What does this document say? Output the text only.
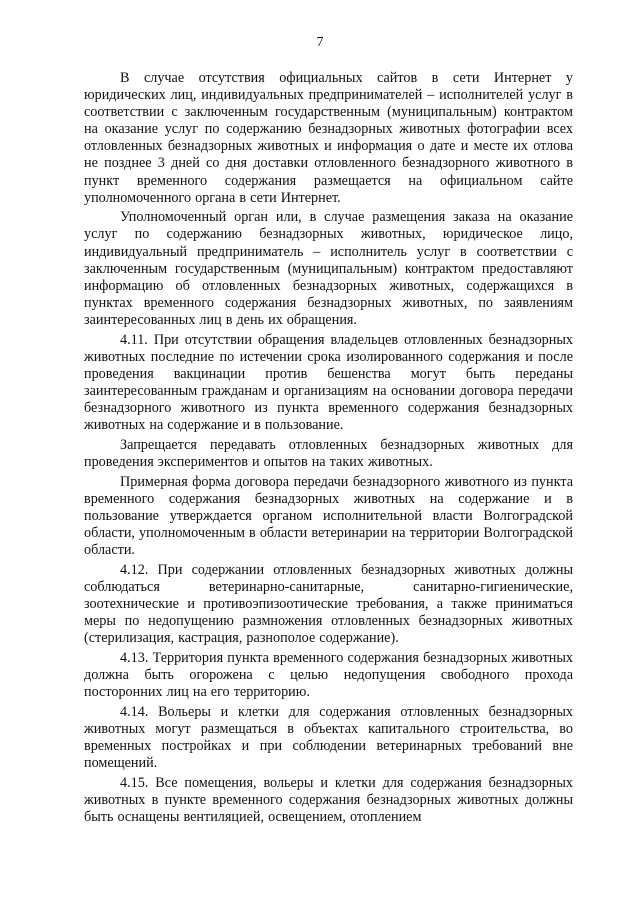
7

В случае отсутствия официальных сайтов в сети Интернет у юридических лиц, индивидуальных предпринимателей – исполнителей услуг в соответствии с заключенным государственным (муниципальным) контрактом на оказание услуг по содержанию безнадзорных животных фотографии всех отловленных безнадзорных животных и информация о дате и месте их отлова не позднее 3 дней со дня доставки отловленного безнадзорного животного в пункт временного содержания размещается на официальном сайте уполномоченного органа в сети Интернет.

Уполномоченный орган или, в случае размещения заказа на оказание услуг по содержанию безнадзорных животных, юридическое лицо, индивидуальный предприниматель – исполнитель услуг в соответствии с заключенным государственным (муниципальным) контрактом предоставляют информацию об отловленных безнадзорных животных, содержащихся в пунктах временного содержания безнадзорных животных, по заявлениям заинтересованных лиц в день их обращения.

4.11. При отсутствии обращения владельцев отловленных безнадзорных животных последние по истечении срока изолированного содержания и после проведения вакцинации против бешенства могут быть переданы заинтересованным гражданам и организациям на основании договора передачи безнадзорного животного из пункта временного содержания безнадзорных животных на содержание и в пользование.

Запрещается передавать отловленных безнадзорных животных для проведения экспериментов и опытов на таких животных.

Примерная форма договора передачи безнадзорного животного из пункта временного содержания безнадзорных животных на содержание и в пользование утверждается органом исполнительной власти Волгоградской области, уполномоченным в области ветеринарии на территории Волгоградской области.

4.12. При содержании отловленных безнадзорных животных должны соблюдаться ветеринарно-санитарные, санитарно-гигиенические, зоотехнические и противоэпизоотические требования, а также приниматься меры по недопущению размножения отловленных безнадзорных животных (стерилизация, кастрация, разнополое содержание).

4.13. Территория пункта временного содержания безнадзорных животных должна быть огорожена с целью недопущения свободного прохода посторонних лиц на его территорию.

4.14. Вольеры и клетки для содержания отловленных безнадзорных животных могут размещаться в объектах капитального строительства, во временных постройках и при соблюдении ветеринарных требований вне помещений.

4.15. Все помещения, вольеры и клетки для содержания безнадзорных животных в пункте временного содержания безнадзорных животных должны быть оснащены вентиляцией, освещением, отоплением
